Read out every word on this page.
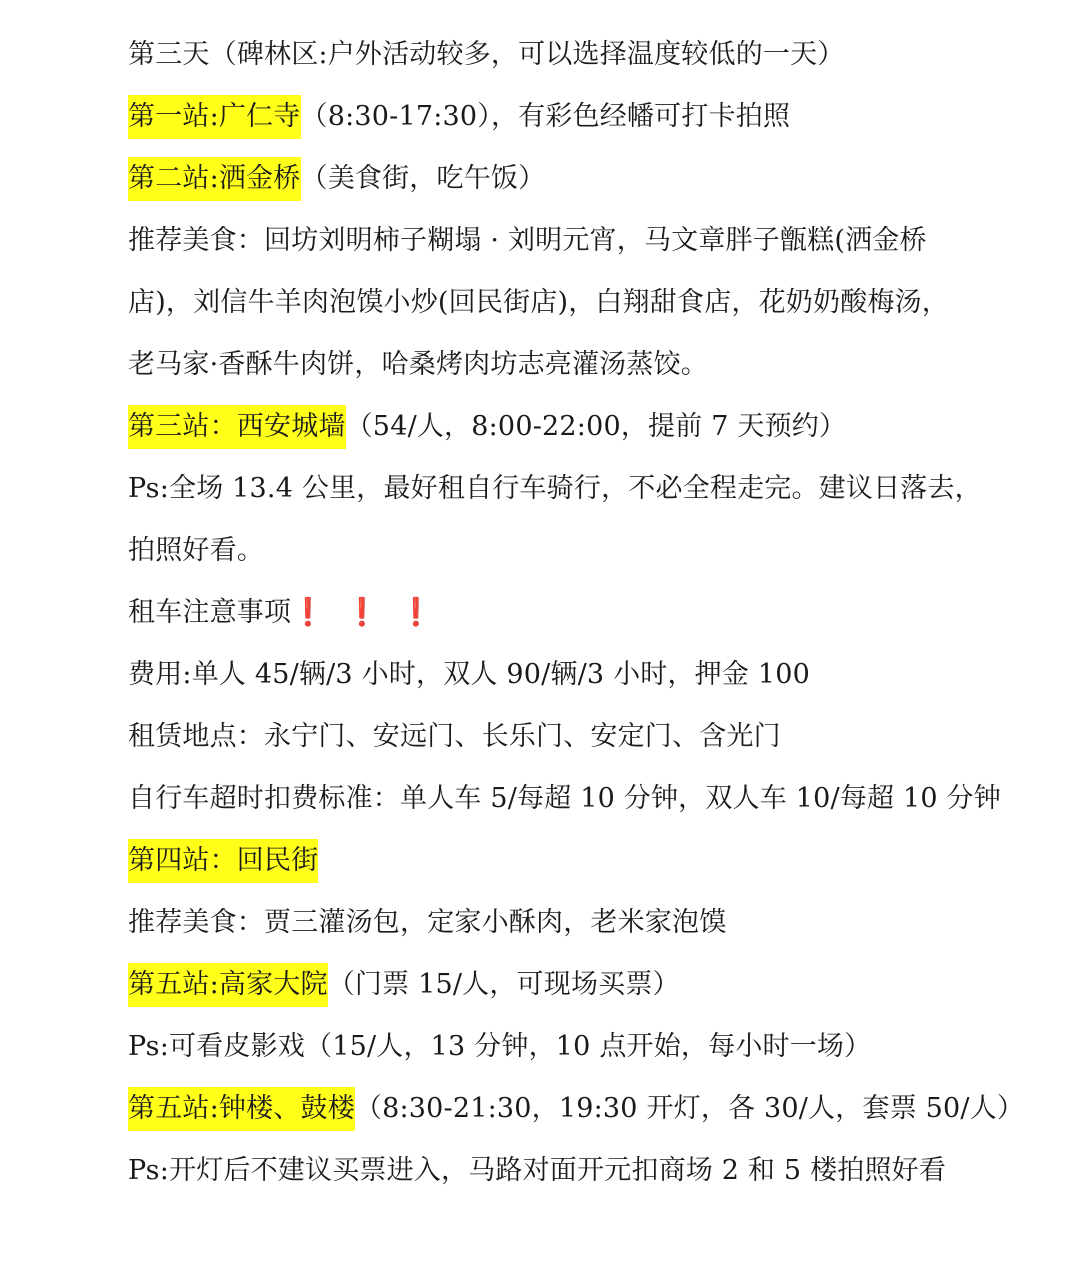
第三天（碑林区:户外活动较多，可以选择温度较低的一天）
第一站:广仁寺（8:30-17:30），有彩色经幡可打卡拍照
第二站:洒金桥（美食街，吃午饭）
推荐美食：回坊刘明柿子糊塌 · 刘明元宵，马文章胖子甑糕(洒金桥
店)，刘信牛羊肉泡馍小炒(回民街店)，白翔甜食店，花奶奶酸梅汤，
老马家·香酥牛肉饼，哈桑烤肉坊志亮灌汤蒸饺。
第三站：西安城墙（54/人，8:00-22:00，提前 7 天预约）
Ps:全场 13.4 公里，最好租自行车骑行，不必全程走完。建议日落去，
拍照好看。
租车注意事项❗ ❗ ❗
费用:单人 45/辆/3 小时，双人 90/辆/3 小时，押金 100
租赁地点：永宁门、安远门、长乐门、安定门、含光门
自行车超时扣费标准：单人车 5/每超 10 分钟，双人车 10/每超 10 分钟
第四站：回民街
推荐美食：贾三灌汤包，定家小酥肉，老米家泡馍
第五站:高家大院（门票 15/人，可现场买票）
Ps:可看皮影戏（15/人，13 分钟，10 点开始，每小时一场）
第五站:钟楼、鼓楼（8:30-21:30，19:30 开灯，各 30/人，套票 50/人）
Ps:开灯后不建议买票进入，马路对面开元扣商场 2 和 5 楼拍照好看
